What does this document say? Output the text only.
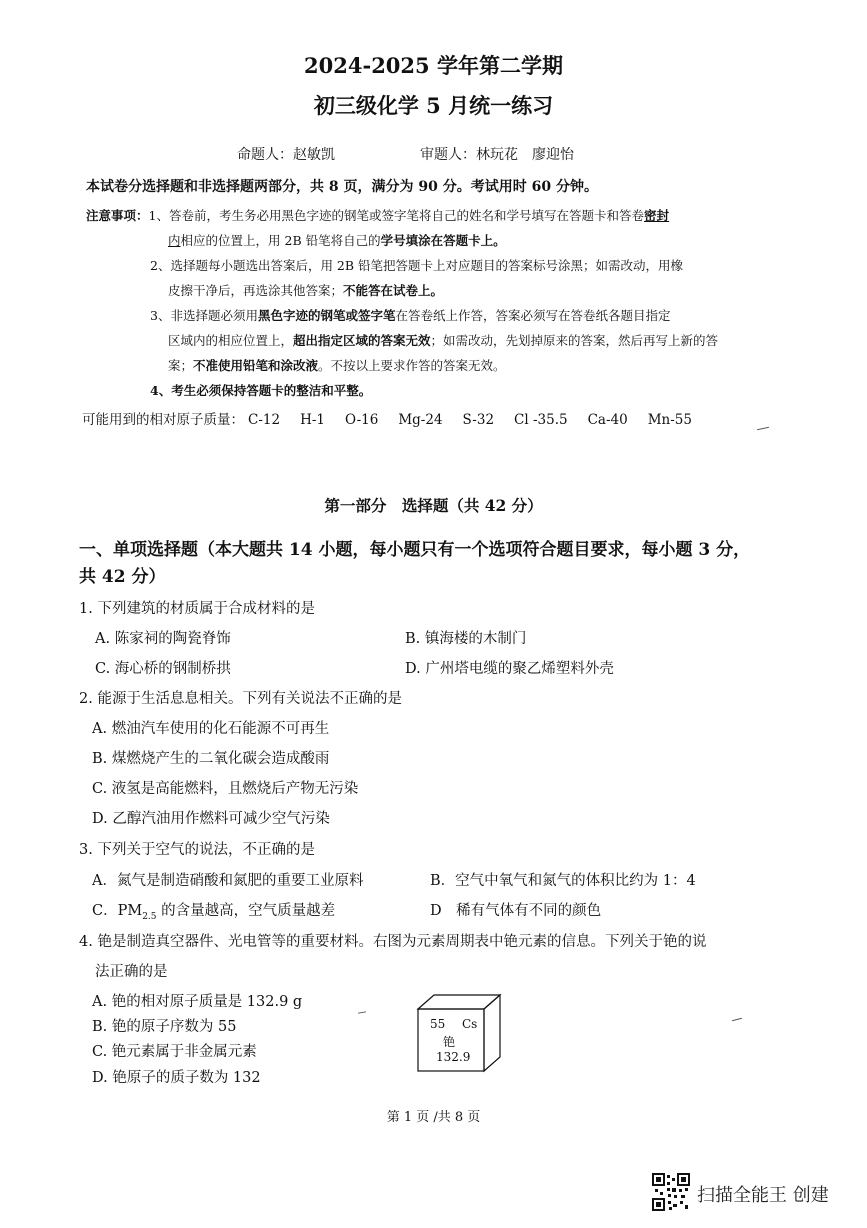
2024-2025 学年第二学期
初三级化学 5 月统一练习
命题人：赵敏凯	审题人：林玩花　廖迎怡
本试卷分选择题和非选择题两部分，共 8 页，满分为 90 分。考试用时 60 分钟。
注意事项：1、答卷前，考生务必用黑色字迹的钢笔或签字笔将自己的姓名和学号填写在答题卡和答卷密封
内相应的位置上，用 2B 铅笔将自己的学号填涂在答题卡上。
2、选择题每小题选出答案后，用 2B 铅笔把答题卡上对应题目的答案标号涂黑；如需改动，用橡
皮擦干净后，再选涂其他答案；不能答在试卷上。
3、非选择题必须用黑色字迹的钢笔或签字笔在答卷纸上作答，答案必须写在答卷纸各题目指定
区域内的相应位置上，超出指定区域的答案无效；如需改动，先划掉原来的答案，然后再写上新的答
案；不准使用铅笔和涂改液。不按以上要求作答的答案无效。
4、考生必须保持答题卡的整洁和平整。
可能用到的相对原子质量： C-12 H-1 O-16 Mg-24 S-32 Cl -35.5 Ca-40 Mn-55
第一部分　选择题（共 42 分）
一、单项选择题（本大题共 14 小题，每小题只有一个选项符合题目要求，每小题 3 分，
共 42 分）
1. 下列建筑的材质属于合成材料的是
A. 陈家祠的陶瓷脊饰	B. 镇海楼的木制门
C. 海心桥的钢制桥拱	D. 广州塔电缆的聚乙烯塑料外壳
2. 能源于生活息息相关。下列有关说法不正确的是
A. 燃油汽车使用的化石能源不可再生
B. 煤燃烧产生的二氧化碳会造成酸雨
C. 液氢是高能燃料，且燃烧后产物无污染
D. 乙醇汽油用作燃料可减少空气污染
3. 下列关于空气的说法，不正确的是
A．氮气是制造硝酸和氮肥的重要工业原料	B．空气中氧气和氮气的体积比约为 1：4
C．$PM_{2.5}$ 的含量越高，空气质量越差	D　稀有气体有不同的颜色
4. 铯是制造真空器件、光电管等的重要材料。右图为元素周期表中铯元素的信息。下列关于铯的说
法正确的是
A. 铯的相对原子质量是 132.9 g
B. 铯的原子序数为 55
C. 铯元素属于非金属元素
D. 铯原子的质子数为 132
55 Cs
铯
132.9
第 1 页 /共 8 页
扫描全能王 创建
